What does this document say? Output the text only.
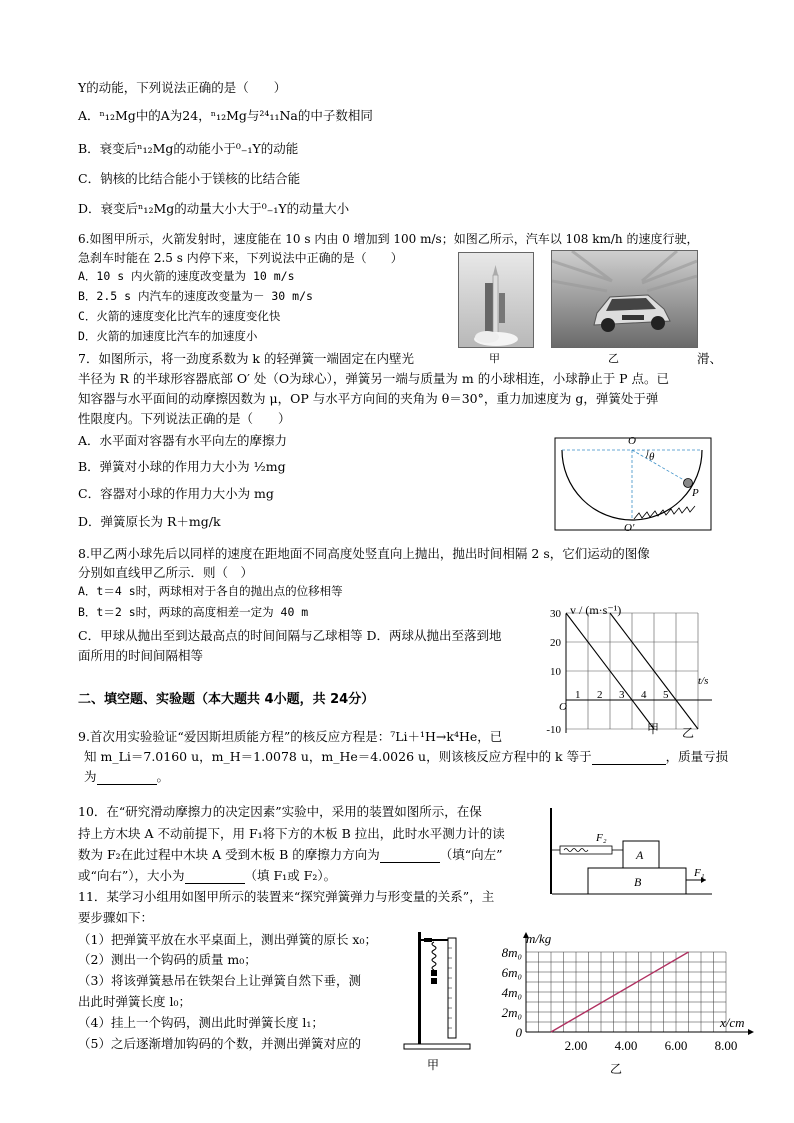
Y的动能，下列说法正确的是（　　）
A．ⁿ₁₂Mg中的A为24，ⁿ₁₂Mg与²⁴₁₁Na的中子数相同
B．衰变后ⁿ₁₂Mg的动能小于⁰₋₁Y的动能
C．钠核的比结合能小于镁核的比结合能
D．衰变后ⁿ₁₂Mg的动量大小大于⁰₋₁Y的动量大小
6.如图甲所示，火箭发射时，速度能在 10 s 内由 0 增加到 100 m/s；如图乙所示，汽车以 108 km/h 的速度行驶，
急刹车时能在 2.5 s 内停下来，下列说法中正确的是（　　）
A．10 s 内火箭的速度改变量为 10 m/s
B．2.5 s 内汽车的速度改变量为－ 30 m/s
C．火箭的速度变化比汽车的速度变化快
D．火箭的加速度比汽车的加速度小
甲	乙
7．如图所示，将一劲度系数为 k 的轻弹簧一端固定在内壁光	滑、
半径为 R 的半球形容器底部 O′ 处（O为球心），弹簧另一端与质量为 m 的小球相连，小球静止于 P 点。已
知容器与水平面间的动摩擦因数为 μ，OP 与水平方向间的夹角为 θ＝30°，重力加速度为 g，弹簧处于弹
性限度内。下列说法正确的是（　　）
A．水平面对容器有水平向左的摩擦力
B．弹簧对小球的作用力大小为 ½mg
C．容器对小球的作用力大小为 mg
D．弹簧原长为 R＋mg/k
O
θ
P
O′
8.甲乙两小球先后以同样的速度在距地面不同高度处竖直向上抛出，抛出时间相隔 2 s，它们运动的图像
分别如直线甲乙所示．则（　）
A．t＝4 s时，两球相对于各自的抛出点的位移相等
B．t＝2 s时，两球的高度相差一定为 40 m
C．甲球从抛出至到达最高点的时间间隔与乙球相等 D．两球从抛出至落到地
面所用的时间间隔相等
1 2 3 4 5
30
20
10
-10
v / (m·s⁻¹)
t/s
O
甲 乙
二、填空题、实验题（本大题共 4小题，共 24分）
9.首次用实验验证“爱因斯坦质能方程”的核反应方程是：⁷Li＋¹H→k⁴He，已
知 m_Li＝7.0160 u，m_H＝1.0078 u，m_He＝4.0026 u，则该核反应方程中的 k 等于	，质量亏损
为	。
10．在“研究滑动摩擦力的决定因素”实验中，采用的装置如图所示，在保
持上方木块 A 不动前提下，用 F₁将下方的木板 B 拉出，此时水平测力计的读
数为 F₂在此过程中木块 A 受到木板 B 的摩擦力方向为	（填“向左”
或“向右”），大小为	（填 F₁或 F₂）。
F₂
A
B
F₁
11．某学习小组用如图甲所示的装置来“探究弹簧弹力与形变量的关系”，主
要步骤如下：
（1）把弹簧平放在水平桌面上，测出弹簧的原长 x₀；
（2）测出一个钩码的质量 m₀；
（3）将该弹簧悬吊在铁架台上让弹簧自然下垂，测
出此时弹簧长度 l₀；
（4）挂上一个钩码，测出此时弹簧长度 l₁；
（5）之后逐渐增加钩码的个数，并测出弹簧对应的
甲
2.00 4.00 6.00 8.00
8m₀
6m₀
4m₀
2m₀
0
m/kg
x/cm
乙
